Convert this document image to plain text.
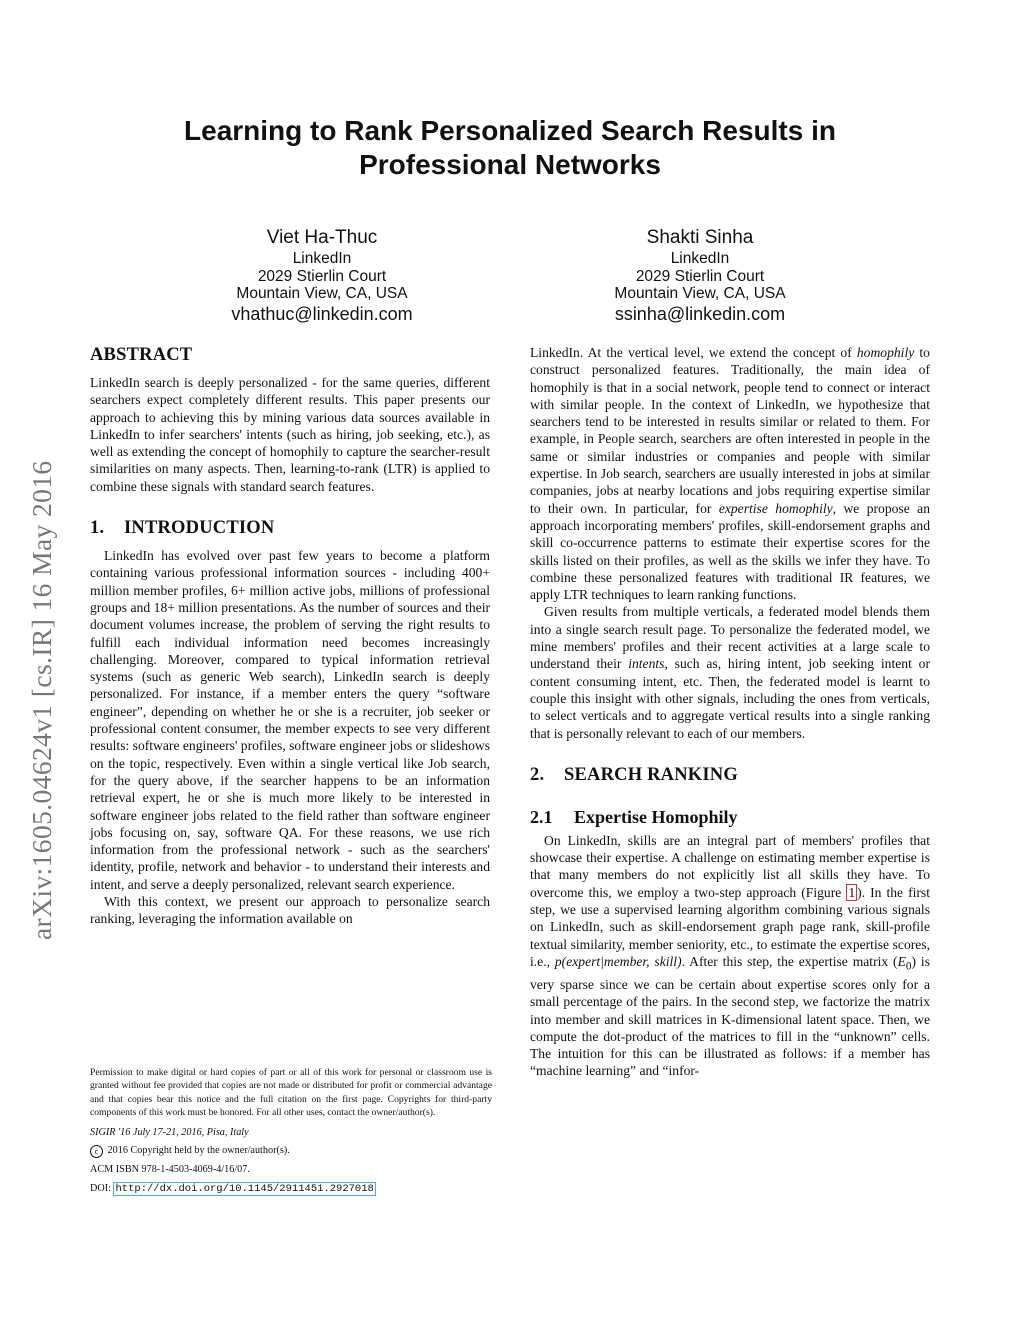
arXiv:1605.04624v1 [cs.IR] 16 May 2016
Learning to Rank Personalized Search Results in
Professional Networks
Viet Ha-Thuc
LinkedIn
2029 Stierlin Court
Mountain View, CA, USA
vhathuc@linkedin.com
Shakti Sinha
LinkedIn
2029 Stierlin Court
Mountain View, CA, USA
ssinha@linkedin.com
ABSTRACT

LinkedIn search is deeply personalized - for the same queries, different searchers expect completely different results. This paper presents our approach to achieving this by mining various data sources available in LinkedIn to infer searchers' intents (such as hiring, job seeking, etc.), as well as extending the concept of homophily to capture the searcher-result similarities on many aspects. Then, learning-to-rank (LTR) is applied to combine these signals with standard search features.

1. INTRODUCTION

LinkedIn has evolved over past few years to become a platform containing various professional information sources - including 400+ million member profiles, 6+ million active jobs, millions of professional groups and 18+ million presentations. As the number of sources and their document volumes increase, the problem of serving the right results to fulfill each individual information need becomes increasingly challenging. Moreover, compared to typical information retrieval systems (such as generic Web search), LinkedIn search is deeply personalized. For instance, if a member enters the query “software engineer”, depending on whether he or she is a recruiter, job seeker or professional content consumer, the member expects to see very different results: software engineers' profiles, software engineer jobs or slideshows on the topic, respectively. Even within a single vertical like Job search, for the query above, if the searcher happens to be an information retrieval expert, he or she is much more likely to be interested in software engineer jobs related to the field rather than software engineer jobs focusing on, say, software QA. For these reasons, we use rich information from the professional network - such as the searchers' identity, profile, network and behavior - to understand their interests and intent, and serve a deeply personalized, relevant search experience.

With this context, we present our approach to personalize search ranking, leveraging the information available on

Permission to make digital or hard copies of part or all of this work for personal or classroom use is granted without fee provided that copies are not made or distributed for profit or commercial advantage and that copies bear this notice and the full citation on the first page. Copyrights for third-party components of this work must be honored. For all other uses, contact the owner/author(s).

SIGIR '16 July 17-21, 2016, Pisa, Italy

c 2016 Copyright held by the owner/author(s).

ACM ISBN 978-1-4503-4069-4/16/07.

DOI: http://dx.doi.org/10.1145/2911451.2927018

LinkedIn. At the vertical level, we extend the concept of homophily to construct personalized features. Traditionally, the main idea of homophily is that in a social network, people tend to connect or interact with similar people. In the context of LinkedIn, we hypothesize that searchers tend to be interested in results similar or related to them. For example, in People search, searchers are often interested in people in the same or similar industries or companies and people with similar expertise. In Job search, searchers are usually interested in jobs at similar companies, jobs at nearby locations and jobs requiring expertise similar to their own. In particular, for expertise homophily, we propose an approach incorporating members' profiles, skill-endorsement graphs and skill co-occurrence patterns to estimate their expertise scores for the skills listed on their profiles, as well as the skills we infer they have. To combine these personalized features with traditional IR features, we apply LTR techniques to learn ranking functions.

Given results from multiple verticals, a federated model blends them into a single search result page. To personalize the federated model, we mine members' profiles and their recent activities at a large scale to understand their intents, such as, hiring intent, job seeking intent or content consuming intent, etc. Then, the federated model is learnt to couple this insight with other signals, including the ones from verticals, to select verticals and to aggregate vertical results into a single ranking that is personally relevant to each of our members.

2. SEARCH RANKING
2.1 Expertise Homophily

On LinkedIn, skills are an integral part of members' profiles that showcase their expertise. A challenge on estimating member expertise is that many members do not explicitly list all skills they have. To overcome this, we employ a two-step approach (Figure 1 ). In the first step, we use a supervised learning algorithm combining various signals on LinkedIn, such as skill-endorsement graph page rank, skill-profile textual similarity, member seniority, etc., to estimate the expertise scores, i.e., p(expert|member, skill). After this step, the expertise matrix $(E_0)$ is very sparse since we can be certain about expertise scores only for a small percentage of the pairs. In the second step, we factorize the matrix into member and skill matrices in K-dimensional latent space. Then, we compute the dot-product of the matrices to fill in the “unknown” cells. The intuition for this can be illustrated as follows: if a member has “machine learning” and “infor-
